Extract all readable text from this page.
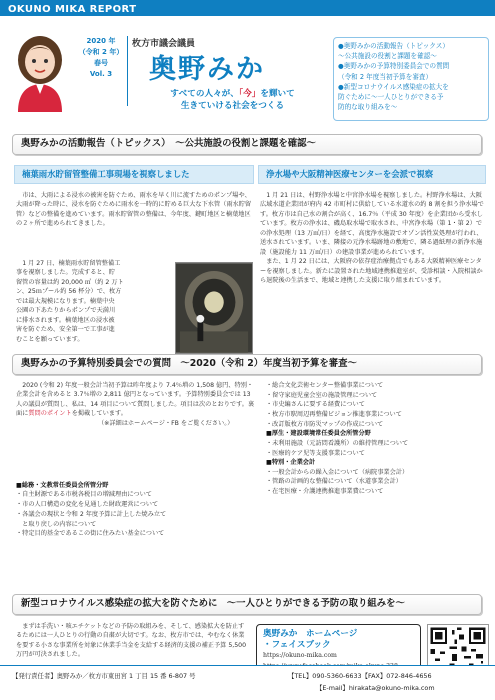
OKUNO MIKA REPORT
2020 年
（令和 2 年）
春号
Vol. 3
枚方市議会議員
奥野みか
すべての人々が、「今」を輝いて
生きていける社会をつくる
●奥野みかの活動報告（トピックス）
〜公共施設の役割と課題を確認〜
●奥野みかの予算特別委員会での質問
（令和 2 年度当初予算を審査）
●新型コロナウイルス感染症の拡大を
防ぐために〜一人ひとりができる予
防的な取り組みを〜
奥野みかの活動報告（トピックス）　〜公共施設の役割と課題を確認〜
楠葉雨水貯留管整備工事現場を視察しました	浄水場や大阪精神医療センターを会派で視察

市は、大雨による浸水の被害を防ぐため、雨水を早く川に流すためのポンプ場や、大雨が降った時に、浸水を防ぐために雨水を一時的に貯める巨大な下水管（雨水貯留管）などの整備を進めています。雨水貯留管の整備は、今年度、鍵町地区と楠葉地区の２ヶ所で進められてきました。

1 月 27 日、楠葉雨水貯留管整備工
事を視察しました。完成すると、貯
留管の容量は約 20,000 ㎥（約 2 万ト
ン、25ｍプール約 56 杯分）で、枚方
では最大規模になります。楠葉中央
公園の下あたりからポンプで天満川
に排水されます。楠葉地区の浸水被
害を防ぐため、安全第一で工事が進
むことを願っています。

1 月 21 日は、村野浄水場と中宮浄水場を視察しました。村野浄水場は、大阪広域水道企業団が府内 42 市町村に供給している水道水の約 8 割を担う浄水場です。枚方市は自己水の割合が高く、16.7％（平成 30 年度）を企業団から受水しています。枚方の浄水は、磯島取水場で取水され、中宮浄水場（第 1・第 2）での浄水処理（13 万㎥/日）を経て、高度浄水施設でオゾン活性炭処理が行われ、送水されています。いま、隣接の元浄水場跡地の敷地で、隣る過紙理の新浄水施設（施設能力 11 万㎥/日）の建設事業が進められています。

また、1 月 22 日には、大阪府の依存症治療拠点でもある大阪精神医療センターを視察しました。新たに設置された地域連携推進室が、受診相談・入院相談から退院後の生活まで、地域と連携した支援に取り組まれています。

奥野みかの予算特別委員会での質問　〜2020（令和 2）年度当初予算を審査〜

2020 (令和 2) 年度一般会計当初予算は昨年度より 7.4％増の 1,508 億円、特別・企業会計を含めると 3.7％増の 2,811 億円となっています。予算特別委員会では 13 人の議員が質問し、私は、14 項目について質問しました。項目は次のとおりです。裏面に質問のポイントを掲載しています。

（※詳細はホームページ・FB をご覧ください。）
■総務・文教常任委員会所管分野
・自主財源である市税各税目の増減理由について
・市の人口構造の変化を見通した財政運営について
・各議会の現状と令和 2 年度予算に計上した焼み立て
　と取り戻しの内容について
・特定目的基金であるこの街に住みたい基金について
・総合文化芸術センター整備事業について
・留守家庭児童会室の施設管理について
・市史編さんに要する経費について
・枚方市駅周辺再整備ビジョン推進事業について
・改訂版枚方市防災マップの作成について
■厚生・建設環境常任委員会所管分野
・未利用施設（元訪問看護所）の維持管理について
・医療的ケア児等支援事業について
■特別・企業会計
・一般会計からの繰入金について（病院事業会計）
・管路の計画的な整備について（水道事業会計）
・在宅医療・介護連携推進事業費について
新型コロナウイルス感染症の拡大を防ぐために　〜一人ひとりができる予防の取り組みを〜

まずは手洗い・咳エチケットなどの予防の取組みを、そして、感染拡大を防止するためには一人ひとりの行動の自粛が大切です。なお、枚方市では、やむなく休業を要する小さな事業所を対象に休業手当金を支給する経済的支援の補正予算 5,500 万円が可決されました。

奥野みか　ホームページ
・フェイスブック
https://okuno-mika.com
【発行責任者】奥野みか／枚方市東田宮 1 丁目 15 番 6-807 号	【TEL】090-5360-6633【FAX】072-846-4656
【E-mail】hirakata@okuno-mika.com
